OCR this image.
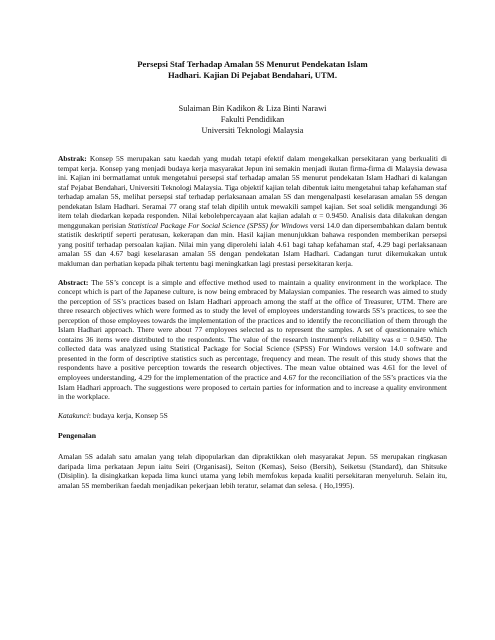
Persepsi Staf Terhadap Amalan 5S Menurut Pendekatan Islam
Hadhari. Kajian Di Pejabat Bendahari, UTM.
Sulaiman Bin Kadikon & Liza Binti Narawi
Fakulti Pendidikan
Universiti Teknologi Malaysia

Abstrak: Konsep 5S merupakan satu kaedah yang mudah tetapi efektif dalam mengekalkan persekitaran yang berkualiti di tempat kerja. Konsep yang menjadi budaya kerja masyarakat Jepun ini semakin menjadi ikutan firma-firma di Malaysia dewasa ini. Kajian ini bermatlamat untuk mengetahui persepsi staf terhadap amalan 5S menurut pendekatan Islam Hadhari di kalangan staf Pejabat Bendahari, Universiti Teknologi Malaysia. Tiga objektif kajian telah dibentuk iaitu mengetahui tahap kefahaman staf terhadap amalan 5S, melihat persepsi staf terhadap perlaksanaan amalan 5S dan mengenalpasti keselarasan amalan 5S dengan pendekatan Islam Hadhari. Seramai 77 orang staf telah dipilih untuk mewakili sampel kajian. Set soal selidik mengandungi 36 item telah diedarkan kepada responden. Nilai kebolehpercayaan alat kajian adalah α = 0.9450. Analisis data dilakukan dengan menggunakan perisian Statistical Package For Social Science (SPSS) for Windows versi 14.0 dan dipersembahkan dalam bentuk statistik deskriptif seperti peratusan, kekerapan dan min. Hasil kajian menunjukkan bahawa responden memberikan persepsi yang positif terhadap persoalan kajian. Nilai min yang diperolehi ialah 4.61 bagi tahap kefahaman staf, 4.29 bagi perlaksanaan amalan 5S dan 4.67 bagi keselarasan amalan 5S dengan pendekatan Islam Hadhari. Cadangan turut dikemukakan untuk makluman dan perhatian kepada pihak tertentu bagi meningkatkan lagi prestasi persekitaran kerja.

Abstract: The 5S’s concept is a simple and effective method used to maintain a quality environment in the workplace. The concept which is part of the Japanese culture, is now being embraced by Malaysian companies. The research was aimed to study the perception of 5S’s practices based on Islam Hadhari approach among the staff at the office of Treasurer, UTM. There are three research objectives which were formed as to study the level of employees understanding towards 5S’s practices, to see the perception of those employees towards the implementation of the practices and to identify the reconciliation of them through the Islam Hadhari approach. There were about 77 employees selected as to represent the samples. A set of questionnaire which contains 36 items were distributed to the respondents. The value of the research instrument's reliability was α = 0.9450. The collected data was analyzed using Statistical Package for Social Science (SPSS) For Windows version 14.0 software and presented in the form of descriptive statistics such as percentage, frequency and mean. The result of this study shows that the respondents have a positive perception towards the research objectives. The mean value obtained was 4.61 for the level of employees understanding, 4.29 for the implementation of the practice and 4.67 for the reconciliation of the 5S’s practices via the Islam Hadhari approach. The suggestions were proposed to certain parties for information and to increase a quality environment in the workplace.

Katakunci: budaya kerja, Konsep 5S
Pengenalan

Amalan 5S adalah satu amalan yang telah dipopularkan dan dipraktikkan oleh masyarakat Jepun. 5S merupakan ringkasan daripada lima perkataan Jepun iaitu Seiri (Organisasi), Seiton (Kemas), Seiso (Bersih), Seiketsu (Standard), dan Shitsuke (Disiplin). Ia disingkatkan kepada lima kunci utama yang lebih memfokus kepada kualiti persekitaran menyeluruh. Selain itu, amalan 5S memberikan faedah menjadikan pekerjaan lebih teratur, selamat dan selesa. ( Ho,1995).
